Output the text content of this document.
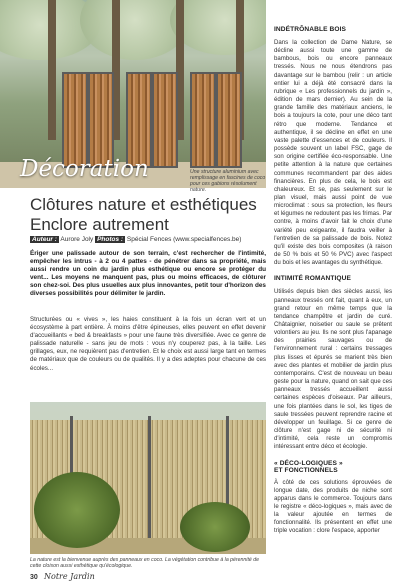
Décoration	Une structure aluminium avec remplissage en fascines de coco pour ces gabions résolument nature.
Clôtures nature et esthétiques
Enclore autrement
Auteur : Aurore Joly Photos : Spécial Fences (www.specialfences.be)
Ériger une palissade autour de son terrain, c'est rechercher de l'intimité, empêcher les intrus - à 2 ou 4 pattes - de pénétrer dans sa propriété, mais aussi rendre un coin du jardin plus esthétique ou encore se protéger du vent... Les moyens ne manquent pas, plus ou moins efficaces, de clôturer son chez-soi. Des plus usuelles aux plus innovantes, petit tour d'horizon des diverses possibilités pour délimiter le jardin.
Structurées ou « vives », les haies constituent à la fois un écran vert et un écosystème à part entière. À moins d'être épineuses, elles peuvent en effet devenir d'accueillants « bed & breakfasts » pour une faune très diversifiée. Avec ce genre de palissade naturelle - sans jeu de mots : vous n'y couperez pas, à la taille. Les grillages, eux, ne requièrent pas d'entretien. Et le choix est aussi large tant en termes de matériaux que de couleurs ou de qualités. Il y a des adeptes pour chacune de ces écoles...
La nature est la bienvenue auprès des panneaux en coco. La végétation contribue à la pérennité de cette cloison aussi esthétique qu'écologique.
30 Notre Jardin
INDÉTRÔNABLE BOIS
Dans la collection de Dame Nature, se décline aussi toute une gamme de bambous, bois ou encore panneaux tressés. Nous ne nous étendrons pas davantage sur le bambou (relir : un article entier lui a déjà été consacré dans la rubrique « Les professionnels du jardin », édition de mars dernier). Au sein de la grande famille des matériaux anciens, le bois a toujours la cote, pour une déco tant rétro que moderne. Tendance et authentique, il se décline en effet en une vaste palette d'essences et de couleurs. Il possède souvent un label FSC, gage de son origine certifiée éco-responsable. Une petite attention à la nature que certaines communes recommandent par des aides financières. En plus de cela, le bois est chaleureux. Et se, pas seulement sur le plan visuel, mais aussi point de vue microclimat : sous sa protection, les fleurs et légumes ne redoutent pas les frimas. Par contre, à moins d'avoir fait le choix d'une variété peu exigeante, il faudra veiller à l'entretien de sa palissade de bois. Notez qu'il existe des bois composites (à raison de 50 % bois et 50 % PVC) avec l'aspect du bois et les avantages du synthétique.
INTIMITÉ ROMANTIQUE
Utilisés depuis bien des siècles aussi, les panneaux tressés ont fait, quant à eux, un grand retour en même temps que la tendance champêtre et jardin de curé. Châtaignier, noisetier ou saule se prêtent volontiers au jeu. Ils ne sont plus l'apanage des prairies sauvages ou de l'environnement rural : certains tressages plus lisses et épurés se marient très bien avec des plantes et mobilier de jardin plus contemporains. C'est de nouveau un beau geste pour la nature, quand on sait que ces panneaux tressés accueillent aussi certaines espèces d'oiseaux. Par ailleurs, une fois plantées dans le sol, les tiges de saule tressées peuvent reprendre racine et développer un feuillage. Si ce genre de clôture n'est gage ni de sécurité ni d'intimité, cela reste un compromis intéressant entre déco et écologie.
« DÉCO-LOGIQUES »
ET FONCTIONNELS
À côté de ces solutions éprouvées de longue date, des produits de niche sont apparus dans le commerce. Toujours dans le registre « déco-logiques », mais avec de la valeur ajoutée en termes de fonctionnalité. Ils présentent en effet une triple vocation : clore l'espace, apporter
